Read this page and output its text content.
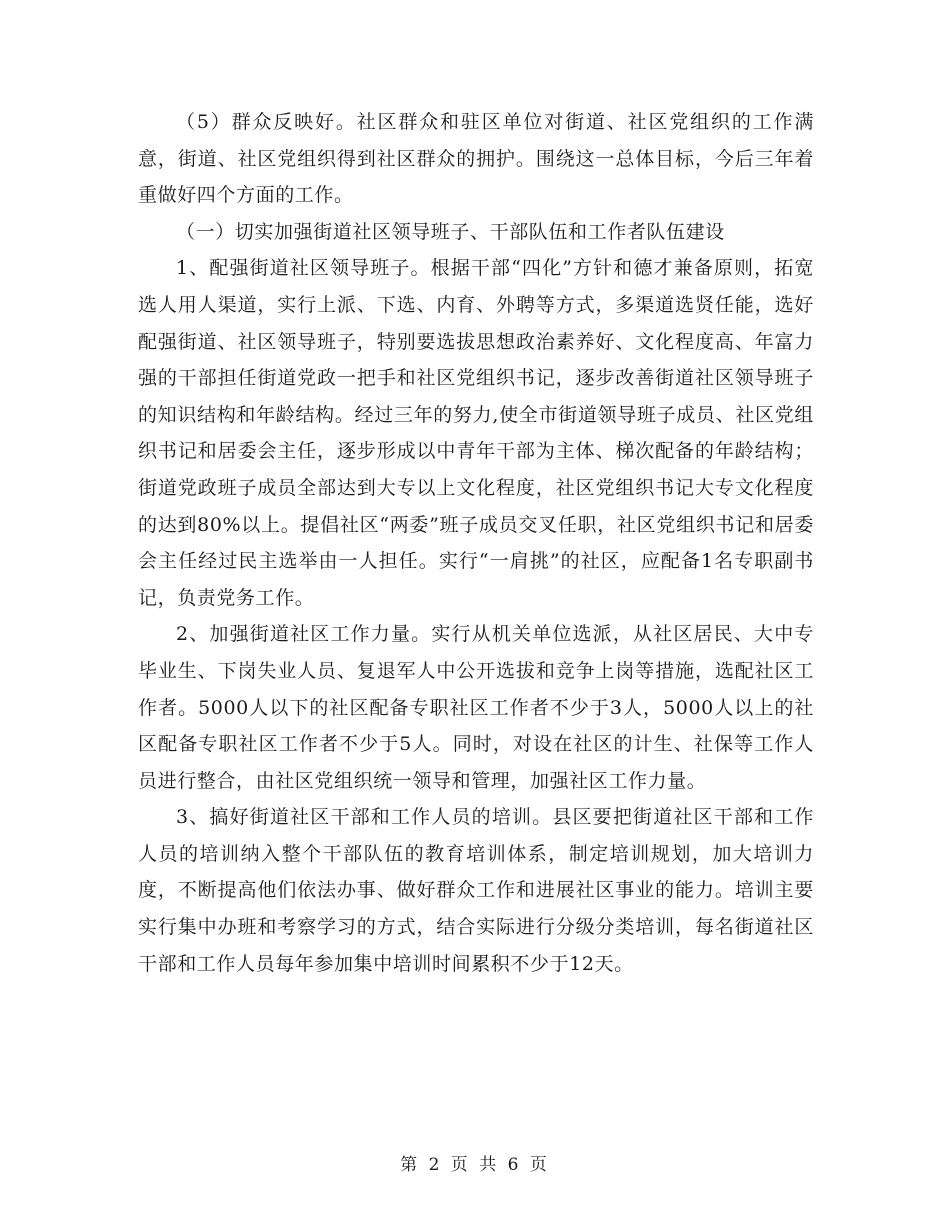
（5）群众反映好。社区群众和驻区单位对街道、社区党组织的工作满意，街道、社区党组织得到社区群众的拥护。围绕这一总体目标，今后三年着重做好四个方面的工作。

（一）切实加强街道社区领导班子、干部队伍和工作者队伍建设

1、配强街道社区领导班子。根据干部“四化”方针和德才兼备原则，拓宽选人用人渠道，实行上派、下选、内育、外聘等方式，多渠道选贤任能，选好配强街道、社区领导班子，特别要选拔思想政治素养好、文化程度高、年富力强的干部担任街道党政一把手和社区党组织书记，逐步改善街道社区领导班子的知识结构和年龄结构。经过三年的努力,使全市街道领导班子成员、社区党组织书记和居委会主任，逐步形成以中青年干部为主体、梯次配备的年龄结构；街道党政班子成员全部达到大专以上文化程度，社区党组织书记大专文化程度的达到80%以上。提倡社区“两委”班子成员交叉任职，社区党组织书记和居委会主任经过民主选举由一人担任。实行“一肩挑”的社区，应配备1名专职副书记，负责党务工作。

2、加强街道社区工作力量。实行从机关单位选派，从社区居民、大中专毕业生、下岗失业人员、复退军人中公开选拔和竞争上岗等措施，选配社区工作者。5000人以下的社区配备专职社区工作者不少于3人，5000人以上的社区配备专职社区工作者不少于5人。同时，对设在社区的计生、社保等工作人员进行整合，由社区党组织统一领导和管理，加强社区工作力量。

3、搞好街道社区干部和工作人员的培训。县区要把街道社区干部和工作人员的培训纳入整个干部队伍的教育培训体系，制定培训规划，加大培训力度，不断提高他们依法办事、做好群众工作和进展社区事业的能力。培训主要实行集中办班和考察学习的方式，结合实际进行分级分类培训，每名街道社区干部和工作人员每年参加集中培训时间累积不少于12天。

第 2 页 共 6 页
